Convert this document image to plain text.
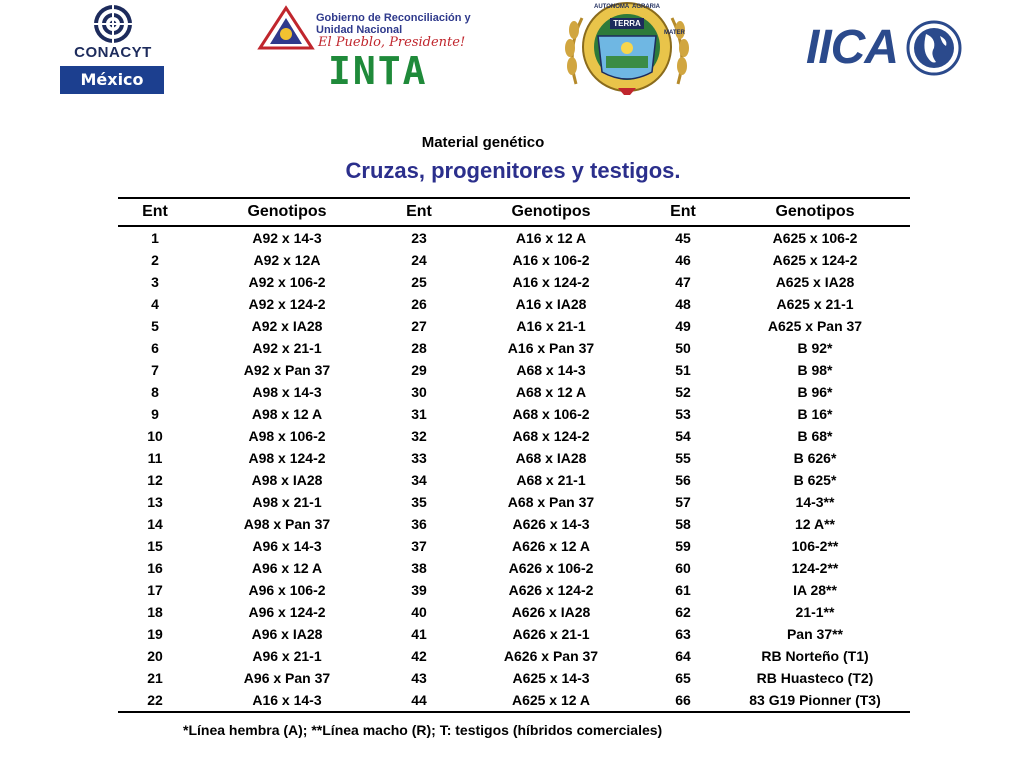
CONACYT
México
Gobierno de Reconciliación y Unidad Nacional
El Pueblo, Presidente!
INTA
TERRA
AUTONOMA AGRARIA
MATER	IICA
Material genético
Cruzas, progenitores y testigos.
Ent	Genotipos	Ent	Genotipos	Ent	Genotipos
1	A92 x 14-3	23	A16 x 12 A	45	A625 x 106-2
2	A92 x 12A	24	A16 x 106-2	46	A625 x 124-2
3	A92 x 106-2	25	A16 x 124-2	47	A625 x IA28
4	A92 x 124-2	26	A16 x IA28	48	A625 x 21-1
5	A92 x IA28	27	A16 x 21-1	49	A625 x Pan 37
6	A92 x 21-1	28	A16 x Pan 37	50	B 92*
7	A92 x Pan 37	29	A68 x 14-3	51	B 98*
8	A98 x 14-3	30	A68 x 12 A	52	B 96*
9	A98 x 12 A	31	A68 x 106-2	53	B 16*
10	A98 x 106-2	32	A68 x 124-2	54	B 68*
11	A98 x 124-2	33	A68 x IA28	55	B 626*
12	A98 x IA28	34	A68 x 21-1	56	B 625*
13	A98 x 21-1	35	A68 x Pan 37	57	14-3**
14	A98 x Pan 37	36	A626 x 14-3	58	12 A**
15	A96 x 14-3	37	A626 x 12 A	59	106-2**
16	A96 x 12 A	38	A626 x 106-2	60	124-2**
17	A96 x 106-2	39	A626 x 124-2	61	IA 28**
18	A96 x 124-2	40	A626 x IA28	62	21-1**
19	A96 x IA28	41	A626 x 21-1	63	Pan 37**
20	A96 x 21-1	42	A626 x Pan 37	64	RB Norteño (T1)
21	A96 x Pan 37	43	A625 x 14-3	65	RB Huasteco (T2)
22	A16 x 14-3	44	A625 x 12 A	66	83 G19 Pionner (T3)
*Línea hembra (A); **Línea macho (R); T: testigos (híbridos comerciales)
